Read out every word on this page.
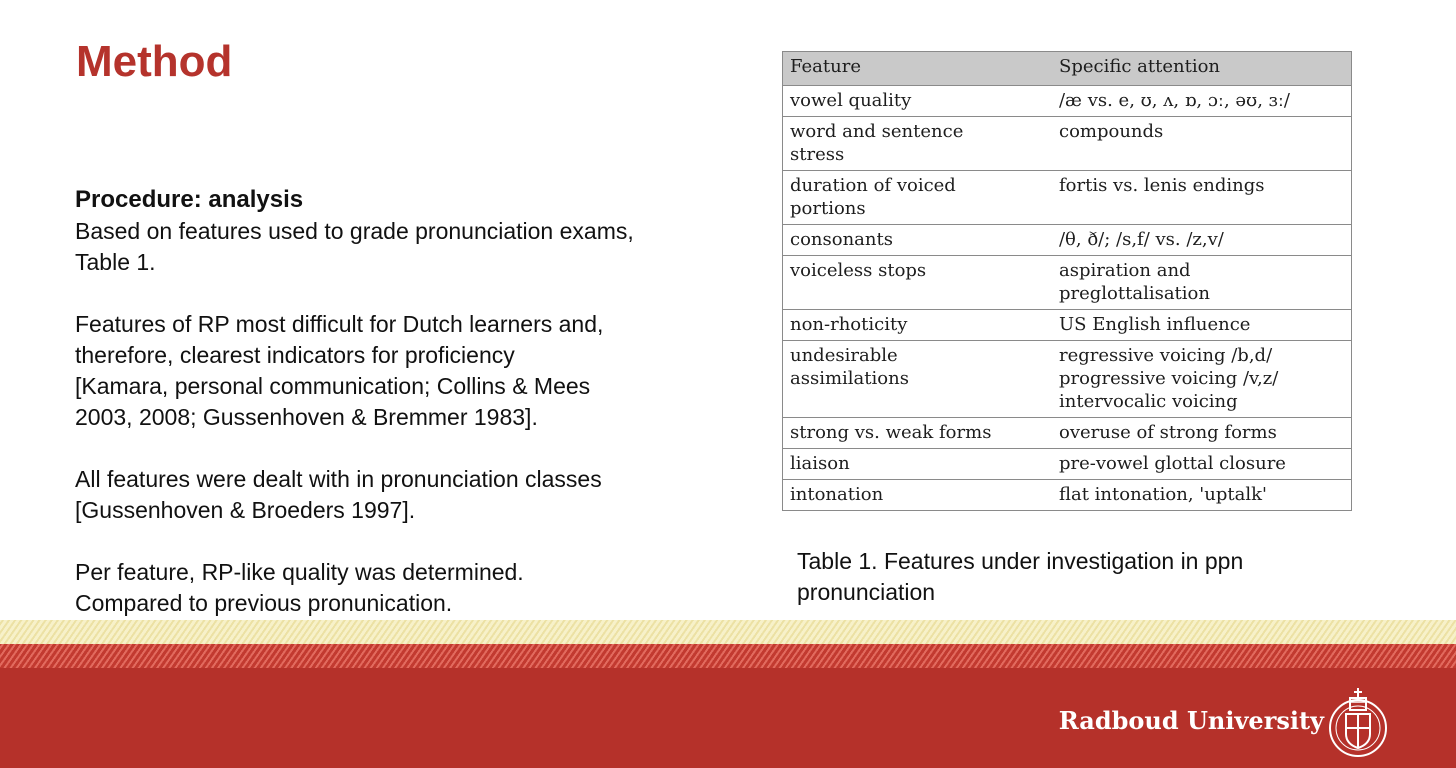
Method
Procedure: analysis
Based on features used to grade pronunciation exams,
Table 1.
Features of RP most difficult for Dutch learners and,
therefore, clearest indicators for proficiency
[Kamara, personal communication; Collins & Mees
2003, 2008; Gussenhoven & Bremmer 1983].
All features were dealt with in pronunciation classes
[Gussenhoven & Broeders 1997].
Per feature, RP-like quality was determined.
Compared to previous pronunication.
Feature	Specific attention
vowel quality	/æ vs. e, ʊ, ʌ, ɒ, ɔː, əʊ, ɜː/
word and sentence
stress	compounds
duration of voiced
portions	fortis vs. lenis endings
consonants	/θ, ð/; /s,f/ vs. /z,v/
voiceless stops	aspiration and
preglottalisation
non-rhoticity	US English influence
undesirable
assimilations	regressive voicing /b,d/
progressive voicing /v,z/
intervocalic voicing
strong vs. weak forms	overuse of strong forms
liaison	pre-vowel glottal closure
intonation	flat intonation, 'uptalk'
Table 1. Features under investigation in ppn
pronunciation
Radboud University
